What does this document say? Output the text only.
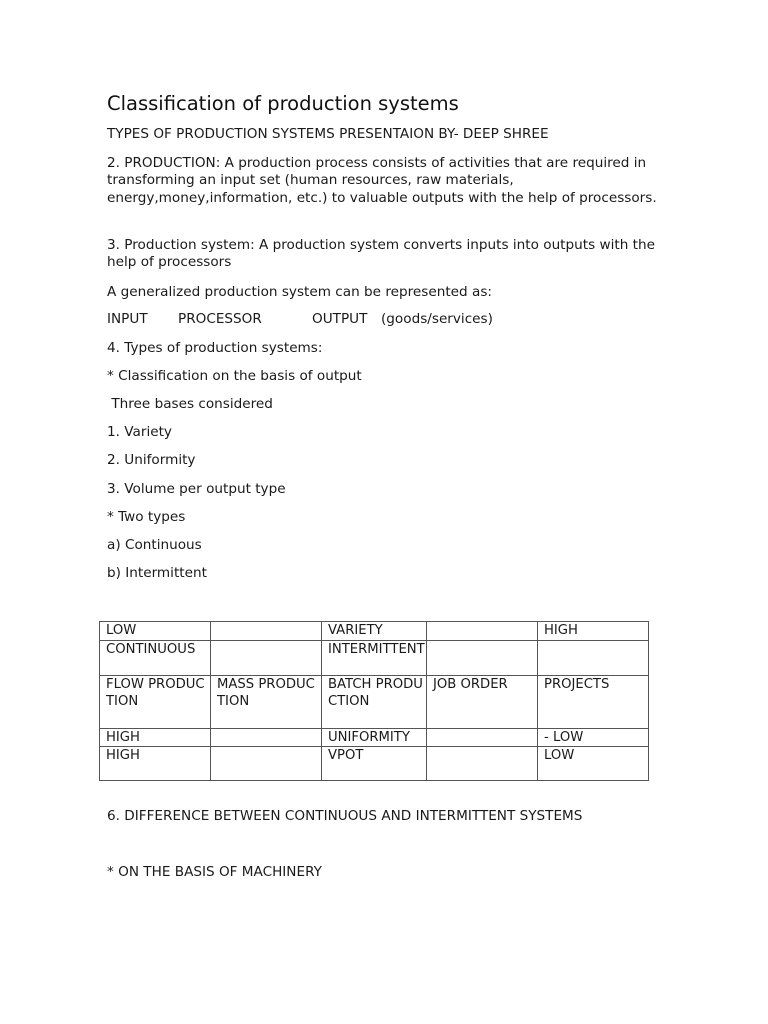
Classification of production systems

TYPES OF PRODUCTION SYSTEMS PRESENTAION BY- DEEP SHREE

2. PRODUCTION: A production process consists of activities that are required in transforming an input set (human resources, raw materials, energy,money,information, etc.) to valuable outputs with the help of processors.

3. Production system: A production system converts inputs into outputs with the help of processors

A generalized production system can be represented as:

INPUT PROCESSOR	OUTPUT (goods/services)

4. Types of production systems:

* Classification on the basis of output

Three bases considered

1. Variety

2. Uniformity

3. Volume per output type

* Two types

a) Continuous

b) Intermittent

6. DIFFERENCE BETWEEN CONTINUOUS AND INTERMITTENT SYSTEMS

* ON THE BASIS OF MACHINERY

LOW		VARIETY		HIGH
CONTINUOUS		INTERMITTENT		
FLOW PRODUCTION	MASS PRODUCTION	BATCH PRODUCTION	JOB ORDER	PROJECTS
HIGH		UNIFORMITY		- LOW
HIGH		VPOT		LOW
